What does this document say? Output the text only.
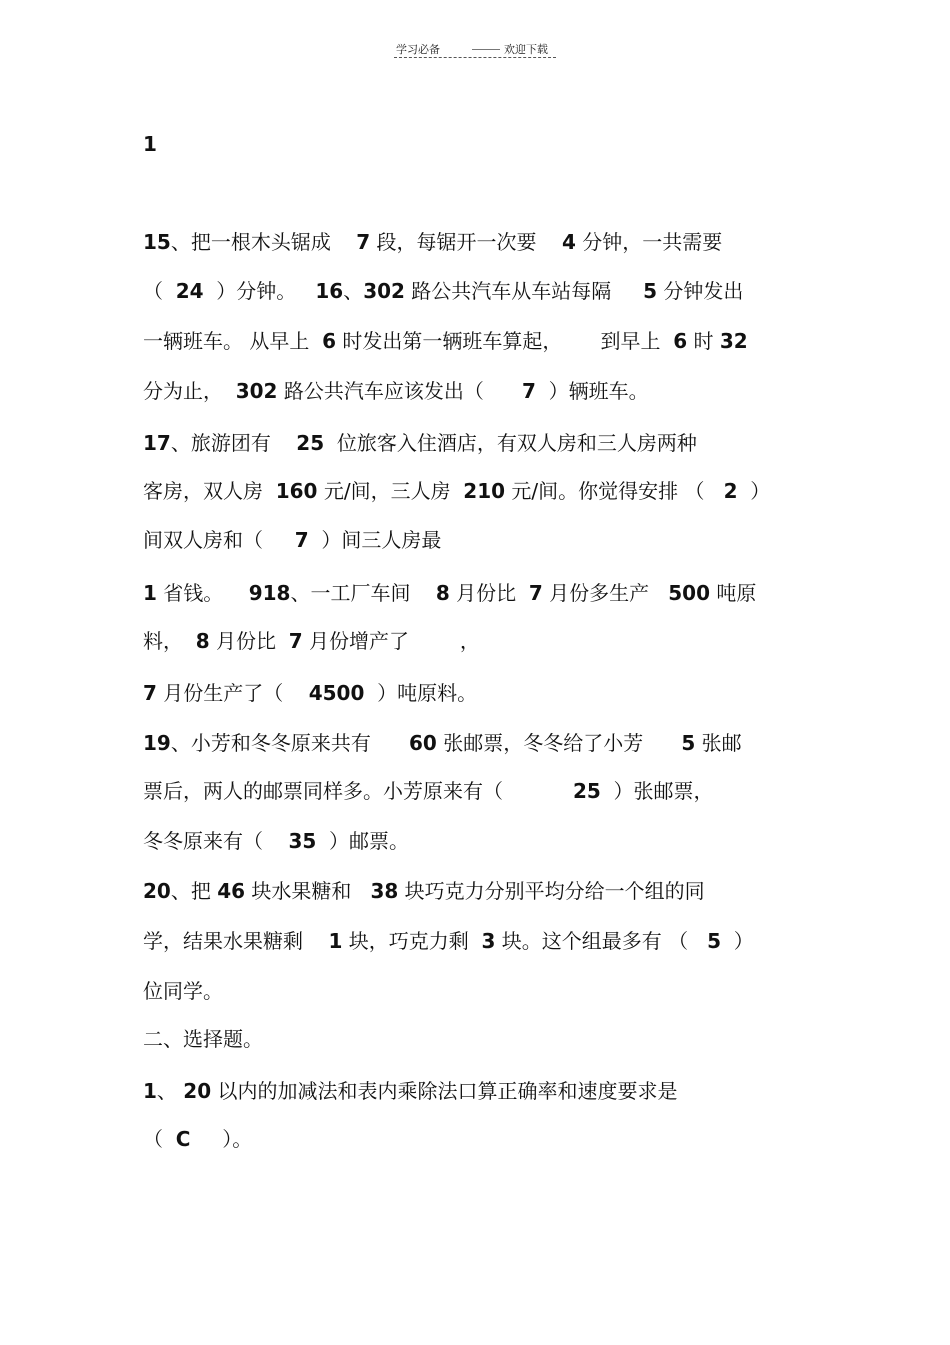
学习必备	欢迎下载
1
15、把一根木头锯成    7 段，每锯开一次要    4 分钟，一共需要
（  24  ）分钟。   16、302 路公共汽车从车站每隔     5 分钟发出
一辆班车。 从早上  6 时发出第一辆班车算起，      到早上  6 时 32
分为止，  302 路公共汽车应该发出（      7  ）辆班车。
17、旅游团有    25  位旅客入住酒店，有双人房和三人房两种
客房，双人房  160 元/间，三人房  210 元/间。你觉得安排 （   2  ）
间双人房和（     7  ）间三人房最
1 省钱。    918、一工厂车间    8 月份比  7 月份多生产   500 吨原
料，  8 月份比  7 月份增产了        ，
7 月份生产了（    4500  ）吨原料。
19、小芳和冬冬原来共有      60 张邮票，冬冬给了小芳      5 张邮
票后，两人的邮票同样多。小芳原来有（           25  ）张邮票，
冬冬原来有（    35  ）邮票。
20、把 46 块水果糖和   38 块巧克力分别平均分给一个组的同
学，结果水果糖剩    1 块，巧克力剩  3 块。这个组最多有 （   5  ）
位同学。
二、选择题。
1、 20 以内的加减法和表内乘除法口算正确率和速度要求是
（  C     ）。
